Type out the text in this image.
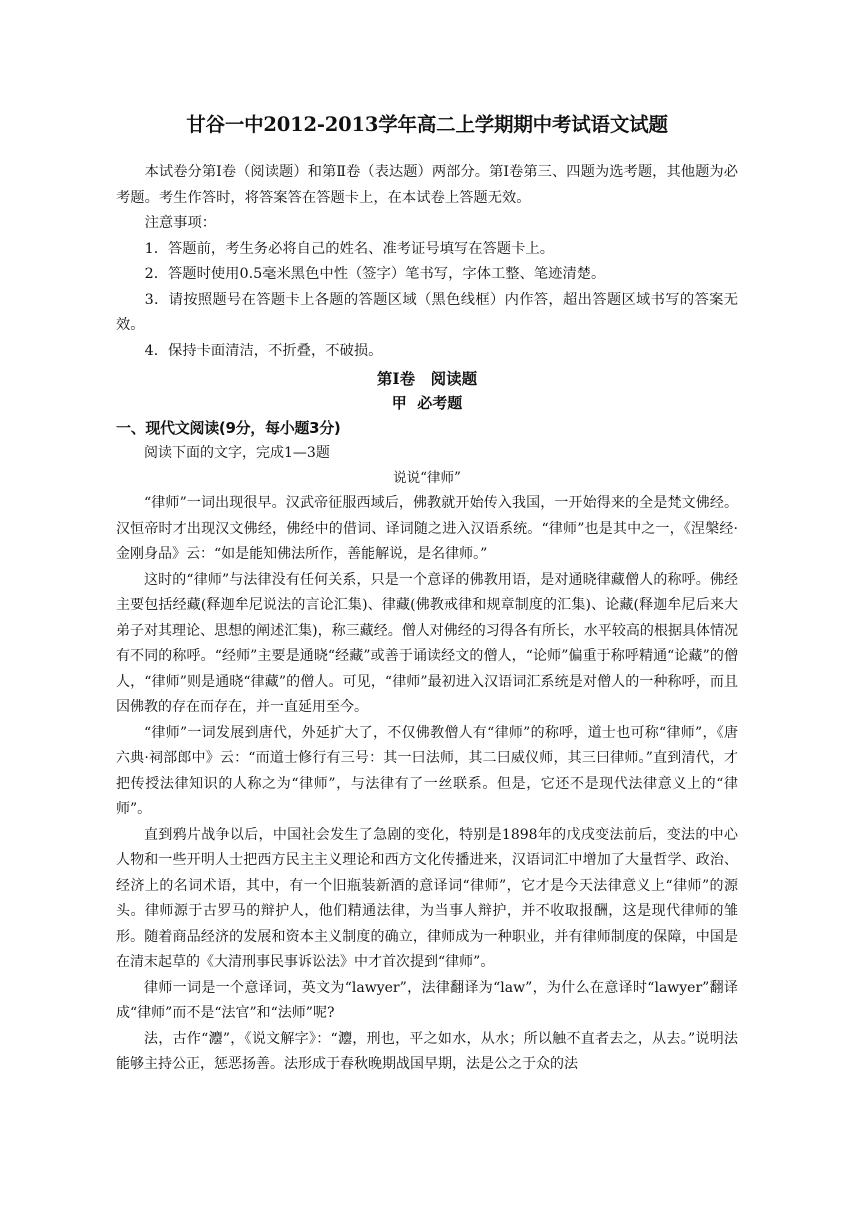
甘谷一中2012-2013学年高二上学期期中考试语文试题

本试卷分第Ⅰ卷（阅读题）和第Ⅱ卷（表达题）两部分。第Ⅰ卷第三、四题为选考题，其他题为必考题。考生作答时，将答案答在答题卡上，在本试卷上答题无效。

注意事项：

1．答题前，考生务必将自己的姓名、准考证号填写在答题卡上。

2．答题时使用0.5毫米黑色中性（签字）笔书写，字体工整、笔迹清楚。

3．请按照题号在答题卡上各题的答题区域（黑色线框）内作答，超出答题区域书写的答案无效。

4．保持卡面清洁，不折叠，不破损。

第Ⅰ卷　阅读题

甲  必考题

一、现代文阅读(9分，每小题3分)

阅读下面的文字，完成1—3题

说说“律师”

“律师”一词出现很早。汉武帝征服西域后，佛教就开始传入我国，一开始得来的全是梵文佛经。汉恒帝时才出现汉文佛经，佛经中的借词、译词随之进入汉语系统。“律师”也是其中之一，《涅槃经·金刚身品》云：“如是能知佛法所作，善能解说，是名律师。”

这时的“律师”与法律没有任何关系，只是一个意译的佛教用语，是对通晓律藏僧人的称呼。佛经主要包括经藏(释迦牟尼说法的言论汇集)、律藏(佛教戒律和规章制度的汇集)、论藏(释迦牟尼后来大弟子对其理论、思想的阐述汇集)，称三藏经。僧人对佛经的习得各有所长，水平较高的根据具体情况有不同的称呼。“经师”主要是通晓“经藏”或善于诵读经文的僧人，“论师”偏重于称呼精通“论藏”的僧人，“律师”则是通晓“律藏”的僧人。可见，“律师”最初进入汉语词汇系统是对僧人的一种称呼，而且因佛教的存在而存在，并一直延用至今。

“律师”一词发展到唐代，外延扩大了，不仅佛教僧人有“律师”的称呼，道士也可称“律师”，《唐六典·祠部郎中》云：“而道士修行有三号：其一曰法师，其二曰威仪师，其三曰律师。”直到清代，才把传授法律知识的人称之为“律师”，与法律有了一丝联系。但是，它还不是现代法律意义上的“律师”。

直到鸦片战争以后，中国社会发生了急剧的变化，特别是1898年的戊戌变法前后，变法的中心人物和一些开明人士把西方民主主义理论和西方文化传播进来，汉语词汇中增加了大量哲学、政治、经济上的名词术语，其中，有一个旧瓶装新酒的意译词“律师”，它才是今天法律意义上“律师”的源头。律师源于古罗马的辩护人，他们精通法律，为当事人辩护，并不收取报酬，这是现代律师的雏形。随着商品经济的发展和资本主义制度的确立，律师成为一种职业，并有律师制度的保障，中国是在清末起草的《大清刑事民事诉讼法》中才首次提到“律师”。

律师一词是一个意译词，英文为“lawyer”，法律翻译为“law”，为什么在意译时“lawyer”翻译成“律师”而不是“法官”和“法师”呢?

法，古作“灋”，《说文解字》：“灋，刑也，平之如水，从水；所以触不直者去之，从去。”说明法能够主持公正，惩恶扬善。法形成于春秋晚期战国早期，法是公之于众的法
